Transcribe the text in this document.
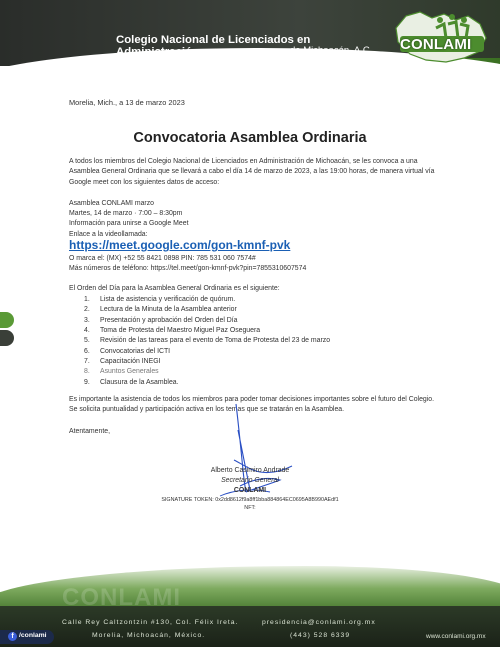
Colegio Nacional de Licenciados en Administración	de Michoacán, A.C.	CONLAMI
Morelia, Mich., a 13 de marzo 2023
Convocatoria Asamblea Ordinaria
A todos los miembros del Colegio Nacional de Licenciados en Administración de Michoacán, se les convoca a una Asamblea General Ordinaria que se llevará a cabo el día 14 de marzo de 2023, a las 19:00 horas, de manera virtual vía Google meet con los siguientes datos de acceso:
Asamblea CONLAMI marzo
Martes, 14 de marzo · 7:00 – 8:30pm
Información para unirse a Google Meet
Enlace a la videollamada:
https://meet.google.com/gon-kmnf-pvk
O marca el: (MX) +52 55 8421 0898 PIN: 785 531 060 7574#
Más números de teléfono: https://tel.meet/gon-kmnf-pvk?pin=7855310607574
El Orden del Día para la Asamblea General Ordinaria es el siguiente:
1. Lista de asistencia y verificación de quórum.
2. Lectura de la Minuta de la Asamblea anterior
3. Presentación y aprobación del Orden del Día
4. Toma de Protesta del Maestro Miguel Paz Oseguera
5. Revisión de las tareas para el evento de Toma de Protesta del 23 de marzo
6. Convocatorias del ICTI
7. Capacitación INEGI
8. Asuntos Generales
9. Clausura de la Asamblea.
Es importante la asistencia de todos los miembros para poder tomar decisiones importantes sobre el futuro del Colegio. Se solicita puntualidad y participación activa en los temas que se tratarán en la Asamblea.
Atentamente,
Alberto Casimiro Andrade
Secretario General
CONLAMI
SIGNATURE TOKEN: 0x2dd8612f9a8ff1bba884864EC0695A8B990AEdf1
NFT:
CONLAMI
Calle Rey Caltzontzin #130, Col. Félix Ireta.
Morelia, Michoacán, México.
presidencia@conlami.org.mx
(443) 528 6339	www.conlami.org.mx
f /conlami
